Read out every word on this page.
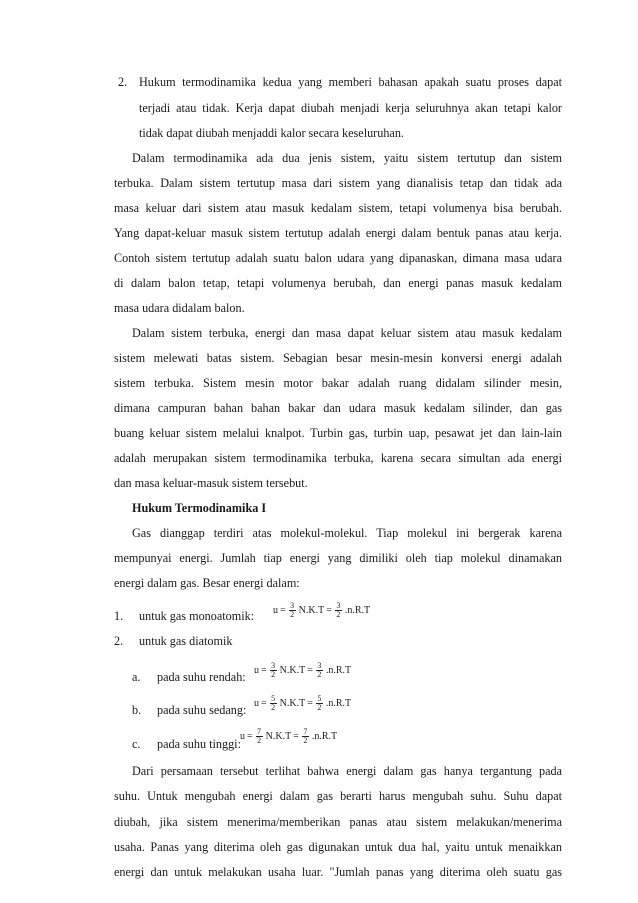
2. Hukum termodinamika kedua yang memberi bahasan apakah suatu proses dapat
terjadi atau tidak. Kerja dapat diubah menjadi kerja seluruhnya akan tetapi kalor
tidak dapat diubah menjaddi kalor secara keseluruhan.
Dalam termodinamika ada dua jenis sistem, yaitu sistem tertutup dan sistem
terbuka. Dalam sistem tertutup masa dari sistem yang dianalisis tetap dan tidak ada
masa keluar dari sistem atau masuk kedalam sistem, tetapi volumenya bisa berubah.
Yang dapat-keluar masuk sistem tertutup adalah energi dalam bentuk panas atau kerja.
Contoh sistem tertutup adalah suatu balon udara yang dipanaskan, dimana masa udara
di dalam balon tetap, tetapi volumenya berubah, dan energi panas masuk kedalam
masa udara didalam balon.
Dalam sistem terbuka, energi dan masa dapat keluar sistem atau masuk kedalam
sistem melewati batas sistem. Sebagian besar mesin-mesin konversi energi adalah
sistem terbuka. Sistem mesin motor bakar adalah ruang didalam silinder mesin,
dimana campuran bahan bahan bakar dan udara masuk kedalam silinder, dan gas
buang keluar sistem melalui knalpot. Turbin gas, turbin uap, pesawat jet dan lain-lain
adalah merupakan sistem termodinamika terbuka, karena secara simultan ada energi
dan masa keluar-masuk sistem tersebut.
Hukum Termodinamika I
Gas dianggap terdiri atas molekul-molekul. Tiap molekul ini bergerak karena
mempunyai energi. Jumlah tiap energi yang dimiliki oleh tiap molekul dinamakan
energi dalam gas. Besar energi dalam:
1. untuk gas monoatomik: $u = \frac{3}{2} N.K.T = \frac{3}{2} .n.R.T$
2. untuk gas diatomik
a. pada suhu rendah: $u = \frac{3}{2} N.K.T = \frac{3}{2} .n.R.T$
b. pada suhu sedang: $u = \frac{5}{2} N.K.T = \frac{5}{2} .n.R.T$
c. pada suhu tinggi:
$u = \frac{7}{2} N.K.T = \frac{7}{2} .n.R.T$
Dari persamaan tersebut terlihat bahwa energi dalam gas hanya tergantung pada
suhu. Untuk mengubah energi dalam gas berarti harus mengubah suhu. Suhu dapat
diubah, jika sistem menerima/memberikan panas atau sistem melakukan/menerima
usaha. Panas yang diterima oleh gas digunakan untuk dua hal, yaitu untuk menaikkan
energi dan untuk melakukan usaha luar. "Jumlah panas yang diterima oleh suatu gas
